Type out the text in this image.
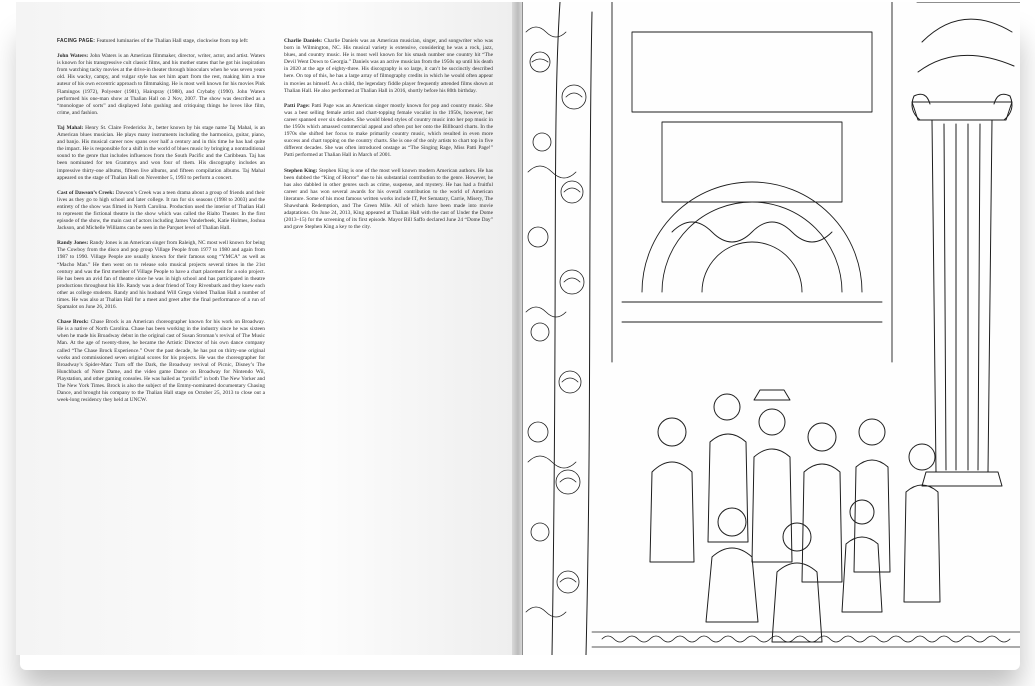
FACING PAGE: Featured luminaries of the Thalian Hall stage, clockwise from top left:

John Waters: John Waters is an American filmmaker, director, writer, actor, and artist. Waters is known for his transgressive cult classic films, and his mother states that he got his inspiration from watching tacky movies at the drive-in theater through binoculars when he was seven years old. His wacky, campy, and vulgar style has set him apart from the rest, making him a true auteur of his own eccentric approach to filmmaking. He is most well known for his movies Pink Flamingos (1972), Polyester (1981), Hairspray (1988), and Crybaby (1990). John Waters performed his one-man show at Thalian Hall on 2 Nov, 2007. The show was described as a “monologue of sorts” and displayed John gushing and critiquing things he loves like film, crime, and fashion.

Taj Mahal: Henry St. Claire Fredericks Jr., better known by his stage name Taj Mahal, is an American blues musician. He plays many instruments including the harmonica, guitar, piano, and banjo. His musical career now spans over half a century and in this time he has had quite the impact. He is responsible for a shift in the world of blues music by bringing a nontraditional sound to the genre that includes influences from the South Pacific and the Caribbean. Taj has been nominated for ten Grammys and won four of them. His discography includes an impressive thirty-one albums, fifteen live albums, and fifteen compilation albums. Taj Mahal appeared on the stage of Thalian Hall on November 5, 1993 to perform a concert.

Cast of Dawson’s Creek: Dawson’s Creek was a teen drama about a group of friends and their lives as they go to high school and later college. It ran for six seasons (1998 to 2003) and the entirety of the show was filmed in North Carolina. Production used the interior of Thalian Hall to represent the fictional theatre in the show which was called the Rialto Theater. In the first episode of the show, the main cast of actors including James Vanderbeek, Katie Holmes, Joshua Jackson, and Michelle Williams can be seen in the Parquet level of Thalian Hall.

Randy Jones: Randy Jones is an American singer from Raleigh, NC most well known for being The Cowboy from the disco and pop group Village People from 1977 to 1980 and again from 1987 to 1990. Village People are usually known for their famous song “YMCA” as well as “Macho Man.” He then went on to release solo musical projects several times in the 21st century and was the first member of Village People to have a chart placement for a solo project. He has been an avid fan of theatre since he was in high school and has participated in theatre productions throughout his life. Randy was a dear friend of Tony Rivenbark and they knew each other as college students. Randy and his husband Will Grega visited Thalian Hall a number of times. He was also at Thalian Hall for a meet and greet after the final performance of a run of Spamalot on June 26, 2016.

Chase Brock: Chase Brock is an American choreographer known for his work on Broadway. He is a native of North Carolina. Chase has been working in the industry since he was sixteen when he made his Broadway debut in the original cast of Susan Stroman’s revival of The Music Man. At the age of twenty-three, he became the Artistic Director of his own dance company called “The Chase Brock Experience.” Over the past decade, he has put on thirty-one original works and commissioned seven original scores for his projects. He was the choreographer for Broadway’s Spider-Man: Turn off the Dark, the Broadway revival of Picnic, Disney’s The Hunchback of Notre Dame, and the video game Dance on Broadway for Nintendo Wii, Playstation, and other gaming consoles. He was hailed as “prolific” in both The New Yorker and The New York Times. Brock is also the subject of the Emmy-nominated documentary Chasing Dance, and brought his company to the Thalian Hall stage on October 25, 2013 to close out a week-long residency they held at UNCW.

Charlie Daniels: Charlie Daniels was an American musician, singer, and songwriter who was born in Wilmington, NC. His musical variety is extensive, considering he was a rock, jazz, blues, and country music. He is most well known for his smash number one country hit “The Devil Went Down to Georgia.” Daniels was an active musician from the 1950s up until his death in 2020 at the age of eighty-three. His discography is so large, it can’t be succinctly described here. On top of this, he has a large array of filmography credits in which he would often appear in movies as himself. As a child, the legendary fiddle player frequently attended films shown at Thalian Hall. He also performed at Thalian Hall in 2016, shortly before his 80th birthday.

Patti Page: Patti Page was an American singer mostly known for pop and country music. She was a best selling female artist and chart-topping female vocalist in the 1950s, however, her career spanned over six decades. She would blend styles of country music into her pop music in the 1950s which amassed commercial appeal and often put her onto the Billboard charts. In the 1970s she shifted her focus to make primarily country music, which resulted in even more success and chart topping on the country charts. She is one of the only artists to chart top in five different decades. She was often introduced onstage as “The Singing Rage, Miss Patti Page!” Patti performed at Thalian Hall in March of 2001.

Stephen King: Stephen King is one of the most well known modern American authors. He has been dubbed the “King of Horror” due to his substantial contribution to the genre. However, he has also dabbled in other genres such as crime, suspense, and mystery. He has had a fruitful career and has won several awards for his overall contribution to the world of American literature. Some of his most famous written works include IT, Pet Sematary, Carrie, Misery, The Shawshank Redemption, and The Green Mile. All of which have been made into movie adaptations. On June 24, 2013, King appeared at Thalian Hall with the cast of Under the Dome (2013–15) for the screening of its first episode. Mayor Bill Saffo declared June 24 “Dome Day” and gave Stephen King a key to the city.
